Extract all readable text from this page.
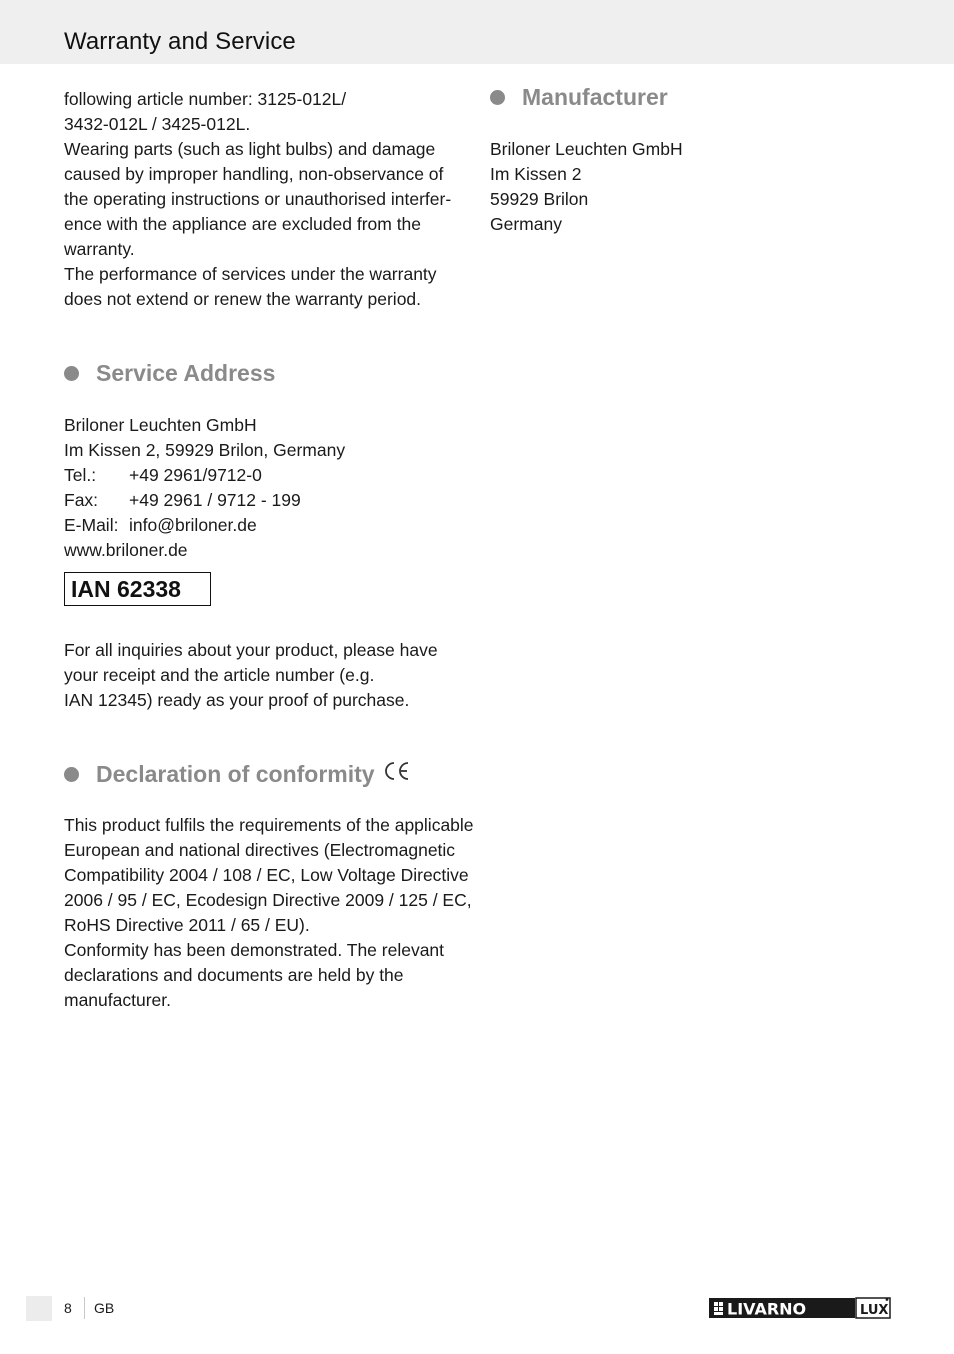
Warranty and Service
following article number: 3125-012L/
3432-012L / 3425-012L.
Wearing parts (such as light bulbs) and damage
caused by improper handling, non-observance of
the operating instructions or unauthorised interfer-
ence with the appliance are excluded from the
warranty.
The performance of services under the warranty
does not extend or renew the warranty period.
Service Address
Briloner Leuchten GmbH
Im Kissen 2, 59929 Brilon, Germany
Tel.: +49 2961/9712-0
Fax: +49 2961 / 9712 - 199
E-Mail: info@briloner.de
www.briloner.de
IAN 62338
For all inquiries about your product, please have
your receipt and the article number (e.g.
IAN 12345) ready as your proof of purchase.
Declaration of conformity
This product fulfils the requirements of the applicable
European and national directives (Electromagnetic
Compatibility 2004 / 108 / EC, Low Voltage Directive
2006 / 95 / EC, Ecodesign Directive 2009 / 125 / EC,
RoHS Directive 2011 / 65 / EU).
Conformity has been demonstrated. The relevant
declarations and documents are held by the
manufacturer.
Manufacturer
Briloner Leuchten GmbH
Im Kissen 2
59929 Brilon
Germany
8 GB	LIVARNO	LUX
